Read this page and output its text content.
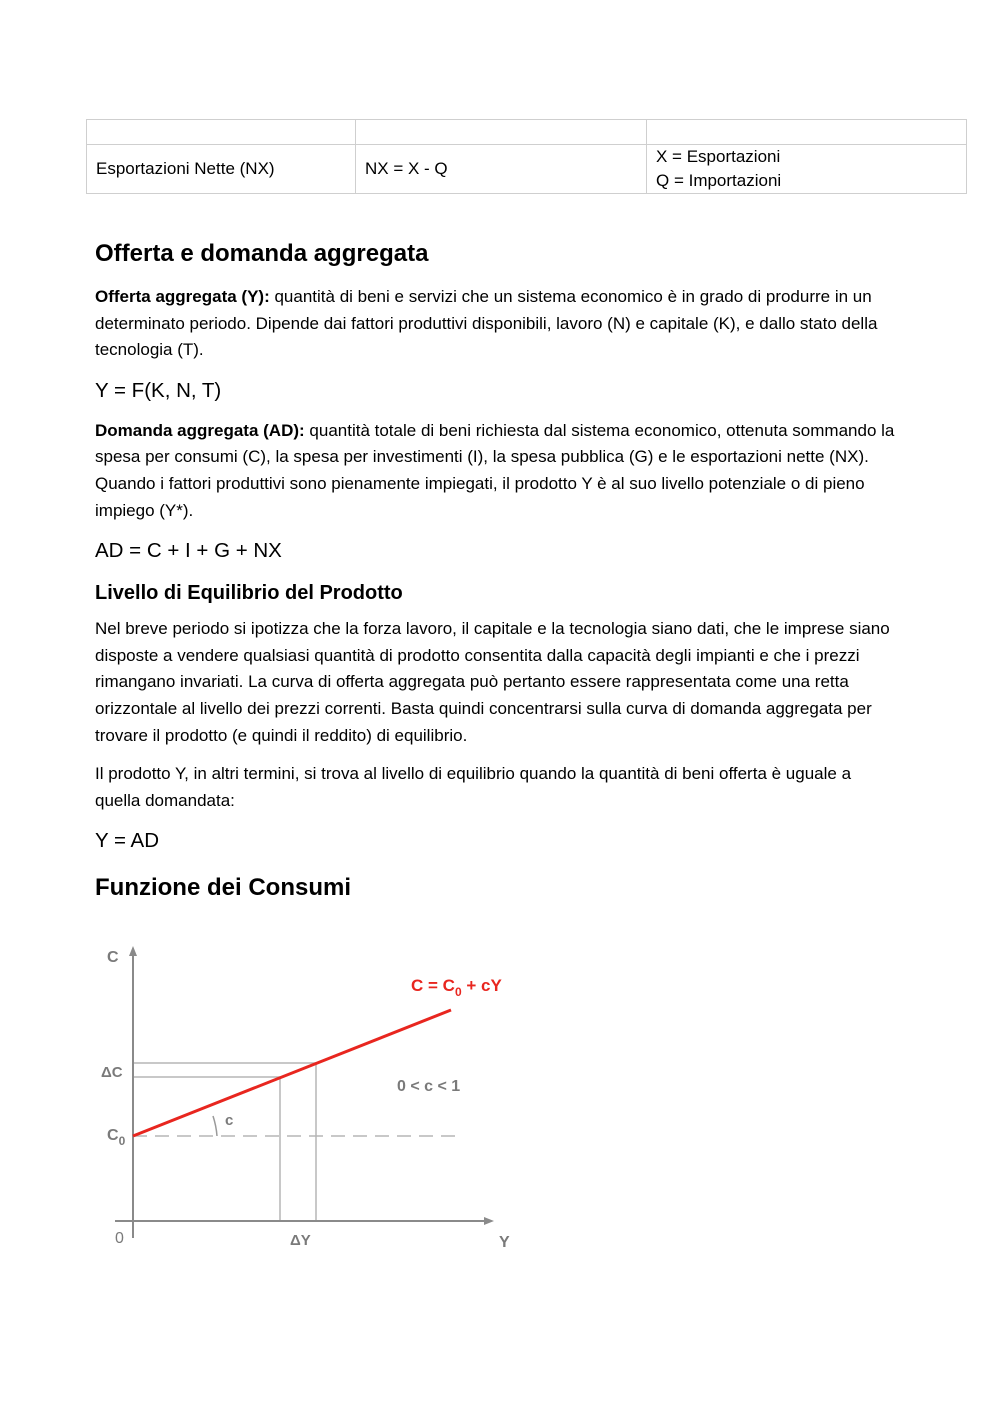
Esportazioni Nette (NX)	NX = X - Q	X = Esportazioni
Q = Importazioni
Offerta e domanda aggregata

Offerta aggregata (Y): quantità di beni e servizi che un sistema economico è in grado di produrre in un determinato periodo. Dipende dai fattori produttivi disponibili, lavoro (N) e capitale (K), e dallo stato della tecnologia (T).

Y = F(K, N, T)

Domanda aggregata (AD): quantità totale di beni richiesta dal sistema economico, ottenuta sommando la spesa per consumi (C), la spesa per investimenti (I), la spesa pubblica (G) e le esportazioni nette (NX). Quando i fattori produttivi sono pienamente impiegati, il prodotto Y è al suo livello potenziale o di pieno impiego (Y*).

AD = C + I + G + NX
Livello di Equilibrio del Prodotto

Nel breve periodo si ipotizza che la forza lavoro, il capitale e la tecnologia siano dati, che le imprese siano disposte a vendere qualsiasi quantità di prodotto consentita dalla capacità degli impianti e che i prezzi rimangano invariati. La curva di offerta aggregata può pertanto essere rappresentata come una retta orizzontale al livello dei prezzi correnti. Basta quindi concentrarsi sulla curva di domanda aggregata per trovare il prodotto (e quindi il reddito) di equilibrio.

Il prodotto Y, in altri termini, si trova al livello di equilibrio quando la quantità di beni offerta è uguale a quella domandata:

Y = AD
Funzione dei Consumi
C
Y
0
ΔC
ΔY
$C_0$
c
0 < c < 1
$C = C_0$ + cY
